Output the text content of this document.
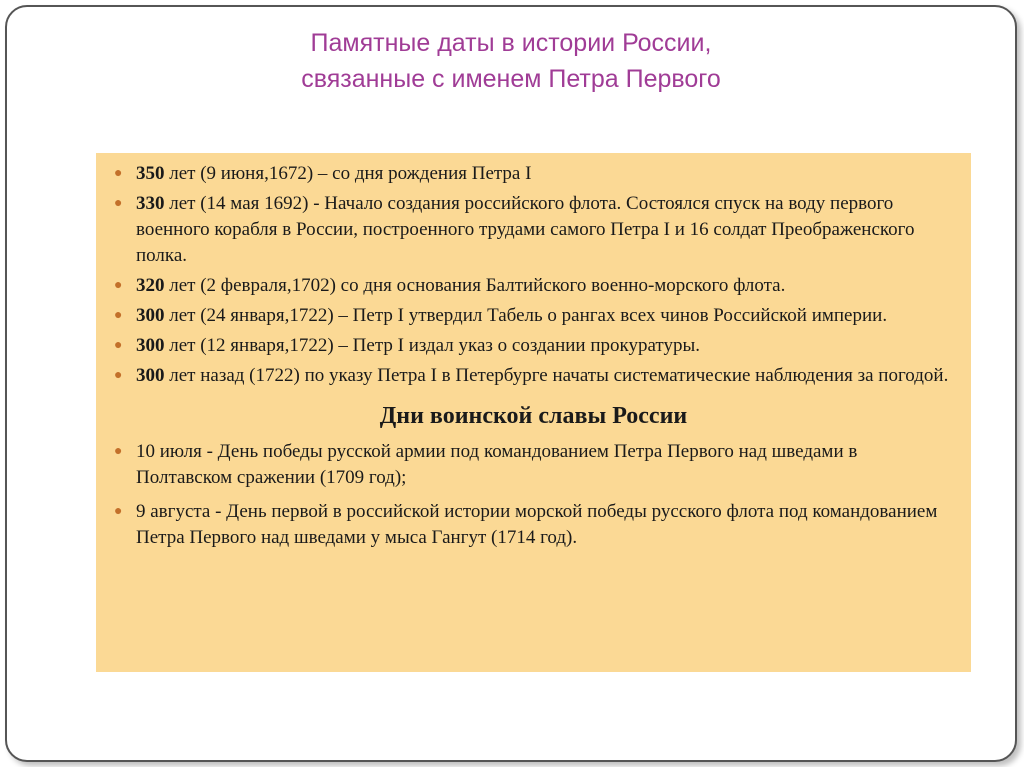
Памятные даты в истории России,
связанные с именем Петра Первого
● 350 лет (9 июня,1672) – со дня рождения Петра I
● 330 лет (14 мая 1692) - Начало создания российского флота. Состоялся спуск на воду первого военного корабля в России, построенного трудами самого Петра I и 16 солдат Преображенского полка.
● 320 лет (2 февраля,1702) со дня основания Балтийского военно-морского флота.
● 300 лет (24 января,1722) – Петр I утвердил Табель о рангах всех чинов Российской империи.
● 300 лет (12 января,1722) – Петр I издал указ о создании прокуратуры.
● 300 лет назад (1722) по указу Петра I в Петербурге начаты систематические наблюдения за погодой.
Дни воинской славы России
● 10 июля - День победы русской армии под командованием Петра Первого над шведами в Полтавском сражении (1709 год);
● 9 августа - День первой в российской истории морской победы русского флота под командованием Петра Первого над шведами у мыса Гангут (1714 год).
